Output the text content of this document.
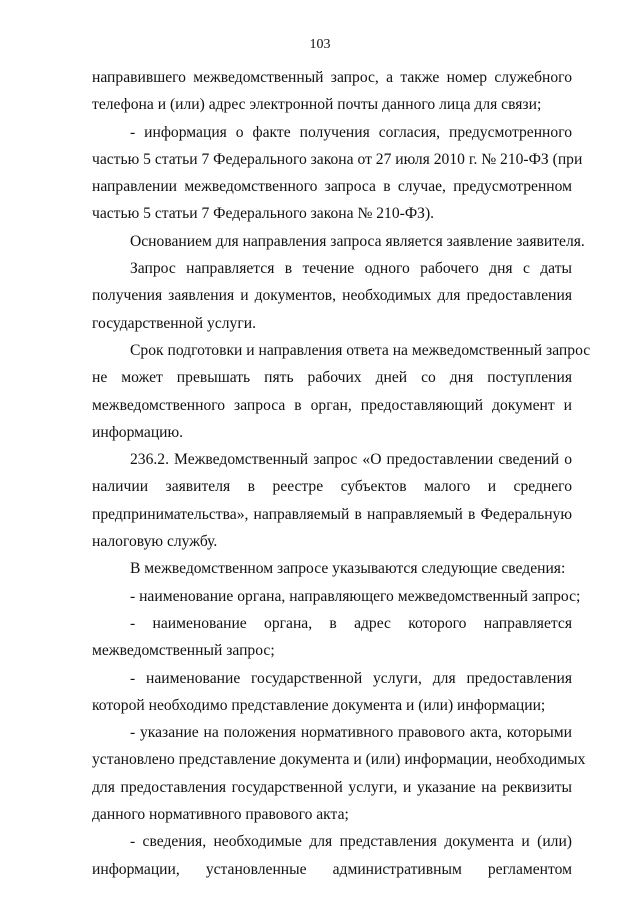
103

направившего межведомственный запрос, а также номер служебного
телефона и (или) адрес электронной почты данного лица для связи;

- информация о факте получения согласия, предусмотренного
частью 5 статьи 7 Федерального закона от 27 июля 2010 г. № 210-ФЗ (при
направлении межведомственного запроса в случае, предусмотренном
частью 5 статьи 7 Федерального закона № 210-ФЗ).

Основанием для направления запроса является заявление заявителя.

Запрос направляется в течение одного рабочего дня с даты
получения заявления и документов, необходимых для предоставления
государственной услуги.

Срок подготовки и направления ответа на межведомственный запрос
не может превышать пять рабочих дней со дня поступления
межведомственного запроса в орган, предоставляющий документ и
информацию.

236.2. Межведомственный запрос «О предоставлении сведений о
наличии заявителя в реестре субъектов малого и среднего
предпринимательства», направляемый в направляемый в Федеральную
налоговую службу.

В межведомственном запросе указываются следующие сведения:

- наименование органа, направляющего межведомственный запрос;

- наименование органа, в адрес которого направляется
межведомственный запрос;

- наименование государственной услуги, для предоставления
которой необходимо представление документа и (или) информации;

- указание на положения нормативного правового акта, которыми
установлено представление документа и (или) информации, необходимых
для предоставления государственной услуги, и указание на реквизиты
данного нормативного правового акта;

- сведения, необходимые для представления документа и (или)
информации, установленные административным регламентом
